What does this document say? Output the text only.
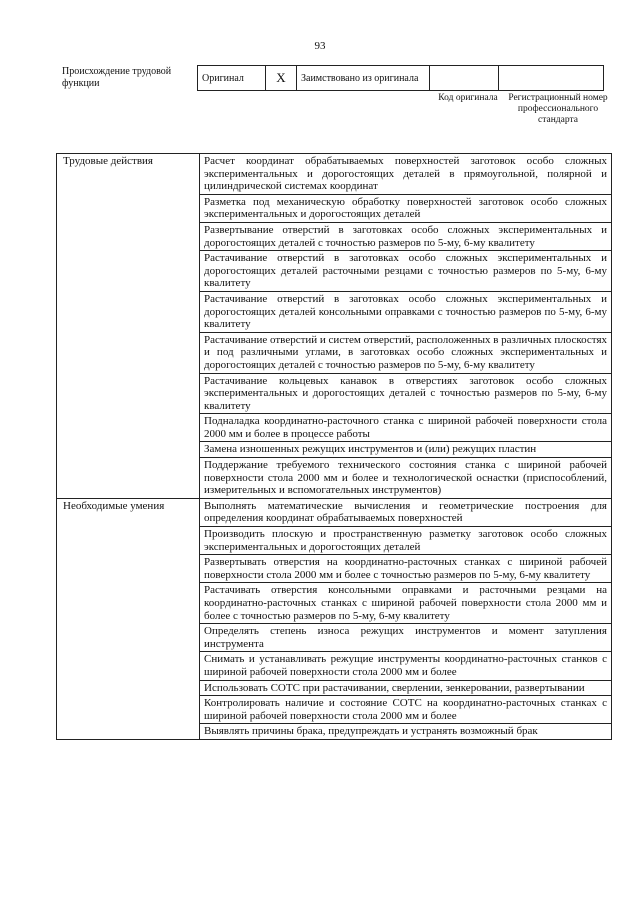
93
Происхождение трудовой функции	Оригинал	X	Заимствовано из оригинала		
Код оригинала Регистрационный номер профессионального стандарта
Трудовые действия	Расчет координат обрабатываемых поверхностей заготовок особо сложных экспериментальных и дорогостоящих деталей в прямоугольной, полярной и цилиндрической системах координат
	Разметка под механическую обработку поверхностей заготовок особо сложных экспериментальных и дорогостоящих деталей
	Развертывание отверстий в заготовках особо сложных экспериментальных и дорогостоящих деталей с точностью размеров по 5-му, 6-му квалитету
	Растачивание отверстий в заготовках особо сложных экспериментальных и дорогостоящих деталей расточными резцами с точностью размеров по 5-му, 6-му квалитету
	Растачивание отверстий в заготовках особо сложных экспериментальных и дорогостоящих деталей консольными оправками с точностью размеров по 5-му, 6-му квалитету
	Растачивание отверстий и систем отверстий, расположенных в различных плоскостях и под различными углами, в заготовках особо сложных экспериментальных и дорогостоящих деталей с точностью размеров по 5-му, 6-му квалитету
	Растачивание кольцевых канавок в отверстиях заготовок особо сложных экспериментальных и дорогостоящих деталей с точностью размеров по 5-му, 6-му квалитету
	Подналадка координатно-расточного станка с шириной рабочей поверхности стола 2000 мм и более в процессе работы
	Замена изношенных режущих инструментов и (или) режущих пластин
	Поддержание требуемого технического состояния станка с шириной рабочей поверхности стола 2000 мм и более и технологической оснастки (приспособлений, измерительных и вспомогательных инструментов)
Необходимые умения	Выполнять математические вычисления и геометрические построения для определения координат обрабатываемых поверхностей
	Производить плоскую и пространственную разметку заготовок особо сложных экспериментальных и дорогостоящих деталей
	Развертывать отверстия на координатно-расточных станках с шириной рабочей поверхности стола 2000 мм и более с точностью размеров по 5-му, 6-му квалитету
	Растачивать отверстия консольными оправками и расточными резцами на координатно-расточных станках с шириной рабочей поверхности стола 2000 мм и более с точностью размеров по 5-му, 6-му квалитету
	Определять степень износа режущих инструментов и момент затупления инструмента
	Снимать и устанавливать режущие инструменты координатно-расточных станков с шириной рабочей поверхности стола 2000 мм и более
	Использовать СОТС при растачивании, сверлении, зенкеровании, развертывании
	Контролировать наличие и состояние СОТС на координатно-расточных станках с шириной рабочей поверхности стола 2000 мм и более
	Выявлять причины брака, предупреждать и устранять возможный брак
